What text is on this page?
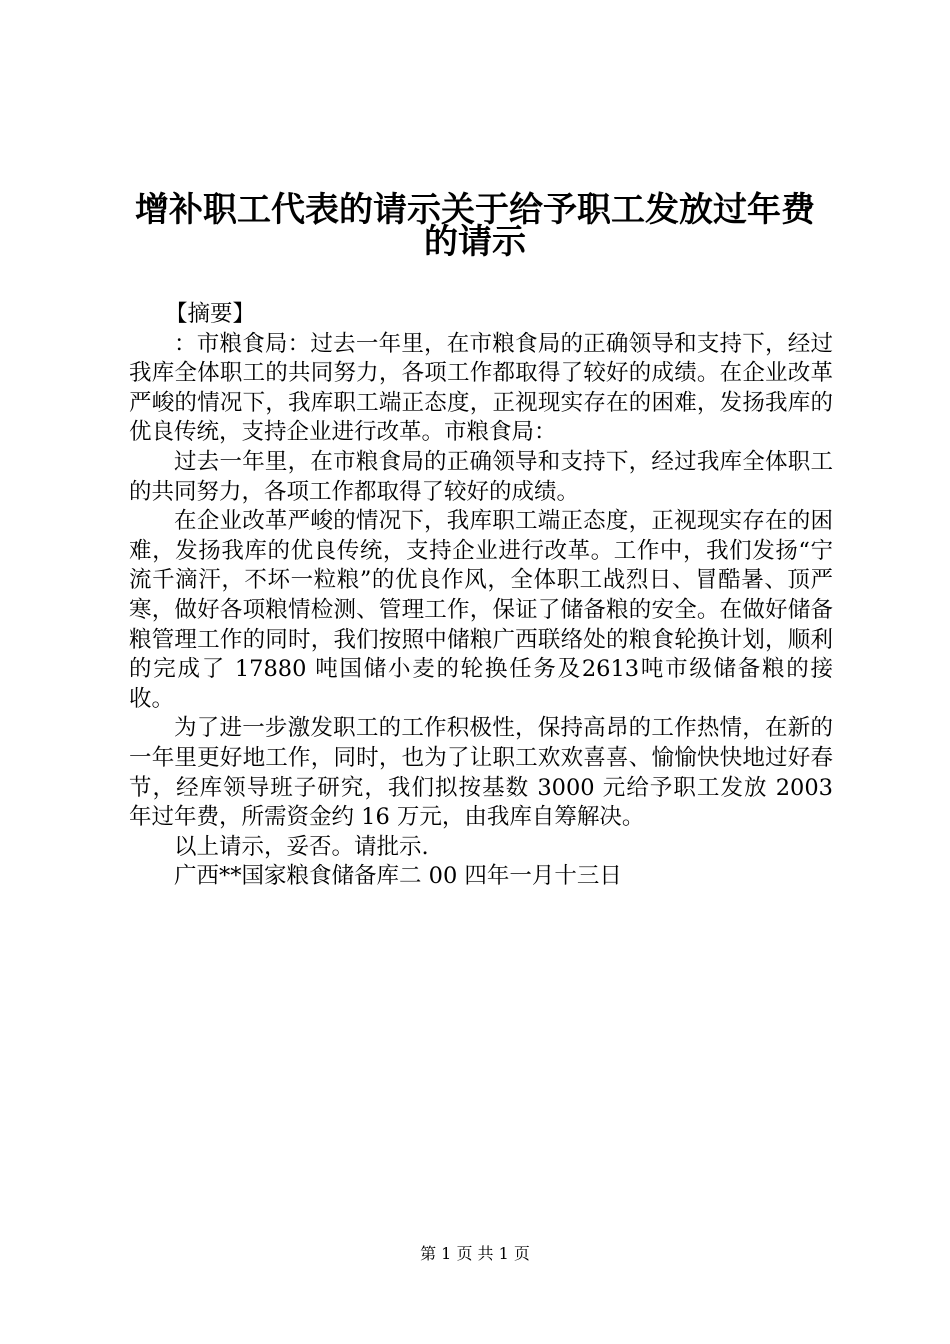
增补职工代表的请示关于给予职工发放过年费
的请示

【摘要】

：市粮食局：过去一年里，在市粮食局的正确领导和支持下，经过我库全体职工的共同努力，各项工作都取得了较好的成绩。在企业改革严峻的情况下，我库职工端正态度，正视现实存在的困难，发扬我库的优良传统，支持企业进行改革。市粮食局：

过去一年里，在市粮食局的正确领导和支持下，经过我库全体职工的共同努力，各项工作都取得了较好的成绩。

在企业改革严峻的情况下，我库职工端正态度，正视现实存在的困难，发扬我库的优良传统，支持企业进行改革。工作中，我们发扬“宁流千滴汗，不坏一粒粮”的优良作风，全体职工战烈日、冒酷暑、顶严寒，做好各项粮情检测、管理工作，保证了储备粮的安全。在做好储备粮管理工作的同时，我们按照中储粮广西联络处的粮食轮换计划，顺利的完成了 17880 吨国储小麦的轮换任务及2613吨市级储备粮的接收。

为了进一步激发职工的工作积极性，保持高昂的工作热情，在新的一年里更好地工作，同时，也为了让职工欢欢喜喜、愉愉快快地过好春节，经库领导班子研究，我们拟按基数 3000 元给予职工发放 2003 年过年费，所需资金约 16 万元，由我库自筹解决。

以上请示，妥否。请批示.

广西**国家粮食储备库二 00 四年一月十三日

第 1 页 共 1 页
